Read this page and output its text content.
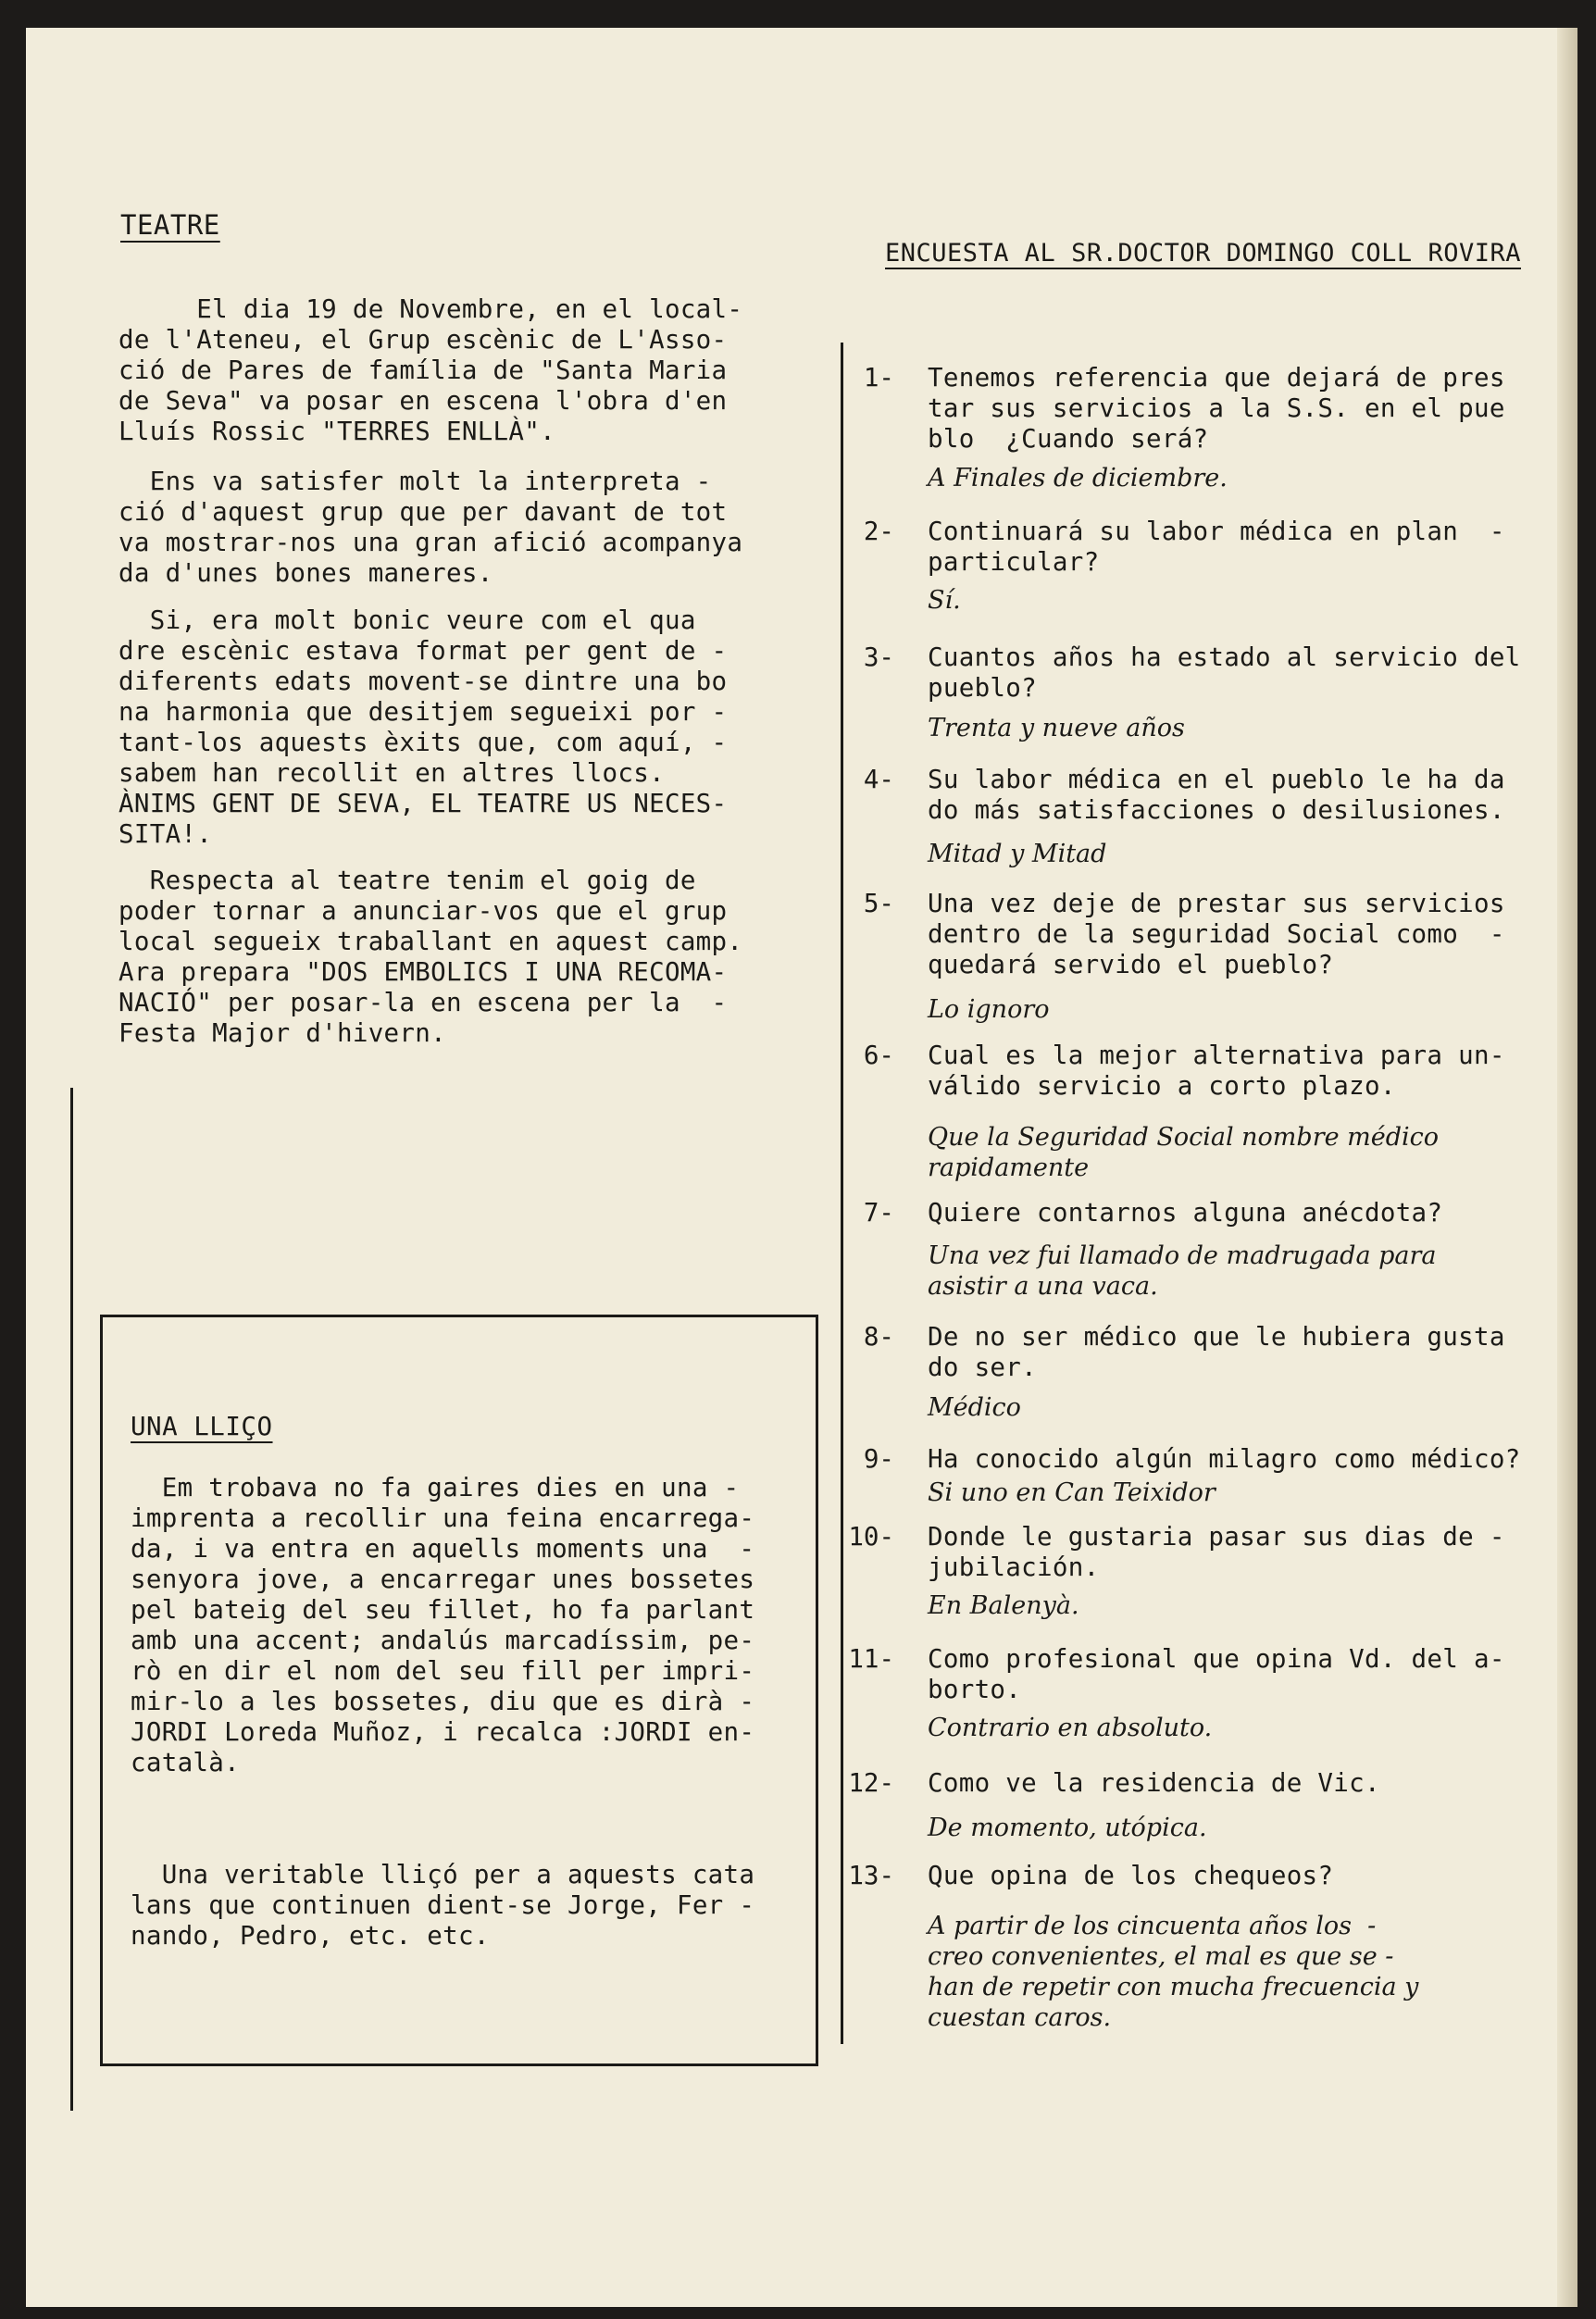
TEATRE

El dia 19 de Novembre, en el local-
de l'Ateneu, el Grup escènic de L'Asso-
ció de Pares de família de "Santa Maria
de Seva" va posar en escena l'obra d'en
Lluís Rossic "TERRES ENLLÀ".

Ens va satisfer molt la interpreta -
ció d'aquest grup que per davant de tot
va mostrar-nos una gran afició acompanya
da d'unes bones maneres.

Si, era molt bonic veure com el qua
dre escènic estava format per gent de -
diferents edats movent-se dintre una bo
na harmonia que desitjem segueixi por -
tant-los aquests èxits que, com aquí, -
sabem han recollit en altres llocs.
ÀNIMS GENT DE SEVA, EL TEATRE US NECES-
SITA!.

Respecta al teatre tenim el goig de
poder tornar a anunciar-vos que el grup
local segueix traballant en aquest camp.
Ara prepara "DOS EMBOLICS I UNA RECOMA-
NACIÓ" per posar-la en escena per la  -
Festa Major d'hivern.

UNA LLIÇO

Em trobava no fa gaires dies en una -
imprenta a recollir una feina encarrega-
da, i va entra en aquells moments una  -
senyora jove, a encarregar unes bossetes
pel bateig del seu fillet, ho fa parlant
amb una accent; andalús marcadíssim, pe-
rò en dir el nom del seu fill per impri-
mir-lo a les bossetes, diu que es dirà -
JORDI Loreda Muñoz, i recalca :JORDI en-
català.

Una veritable lliçó per a aquests cata
lans que continuen dient-se Jorge, Fer -
nando, Pedro, etc. etc.

ENCUESTA AL SR.DOCTOR DOMINGO COLL ROVIRA
1- Tenemos referencia que dejará de pres
tar sus servicios a la S.S. en el pue
blo  ¿Cuando será?
A Finales de diciembre.
2- Continuará su labor médica en plan  -
particular?
Sí.
3- Cuantos años ha estado al servicio del
pueblo?
Trenta y nueve años
4- Su labor médica en el pueblo le ha da
do más satisfacciones o desilusiones.
Mitad y Mitad
5- Una vez deje de prestar sus servicios
dentro de la seguridad Social como  -
quedará servido el pueblo?
Lo ignoro
6- Cual es la mejor alternativa para un-
válido servicio a corto plazo.
Que la Seguridad Social nombre médico
rapidamente
7- Quiere contarnos alguna anécdota?
Una vez fui llamado de madrugada para
asistir a una vaca.
8- De no ser médico que le hubiera gusta
do ser.
Médico
9- Ha conocido algún milagro como médico?
Si uno en Can Teixidor
10- Donde le gustaria pasar sus dias de -
jubilación.
En Balenyà.
11- Como profesional que opina Vd. del a-
borto.
Contrario en absoluto.
12- Como ve la residencia de Vic.
De momento, utópica.
13- Que opina de los chequeos?
A partir de los cincuenta años los  -
creo convenientes, el mal es que se -
han de repetir con mucha frecuencia y
cuestan caros.
